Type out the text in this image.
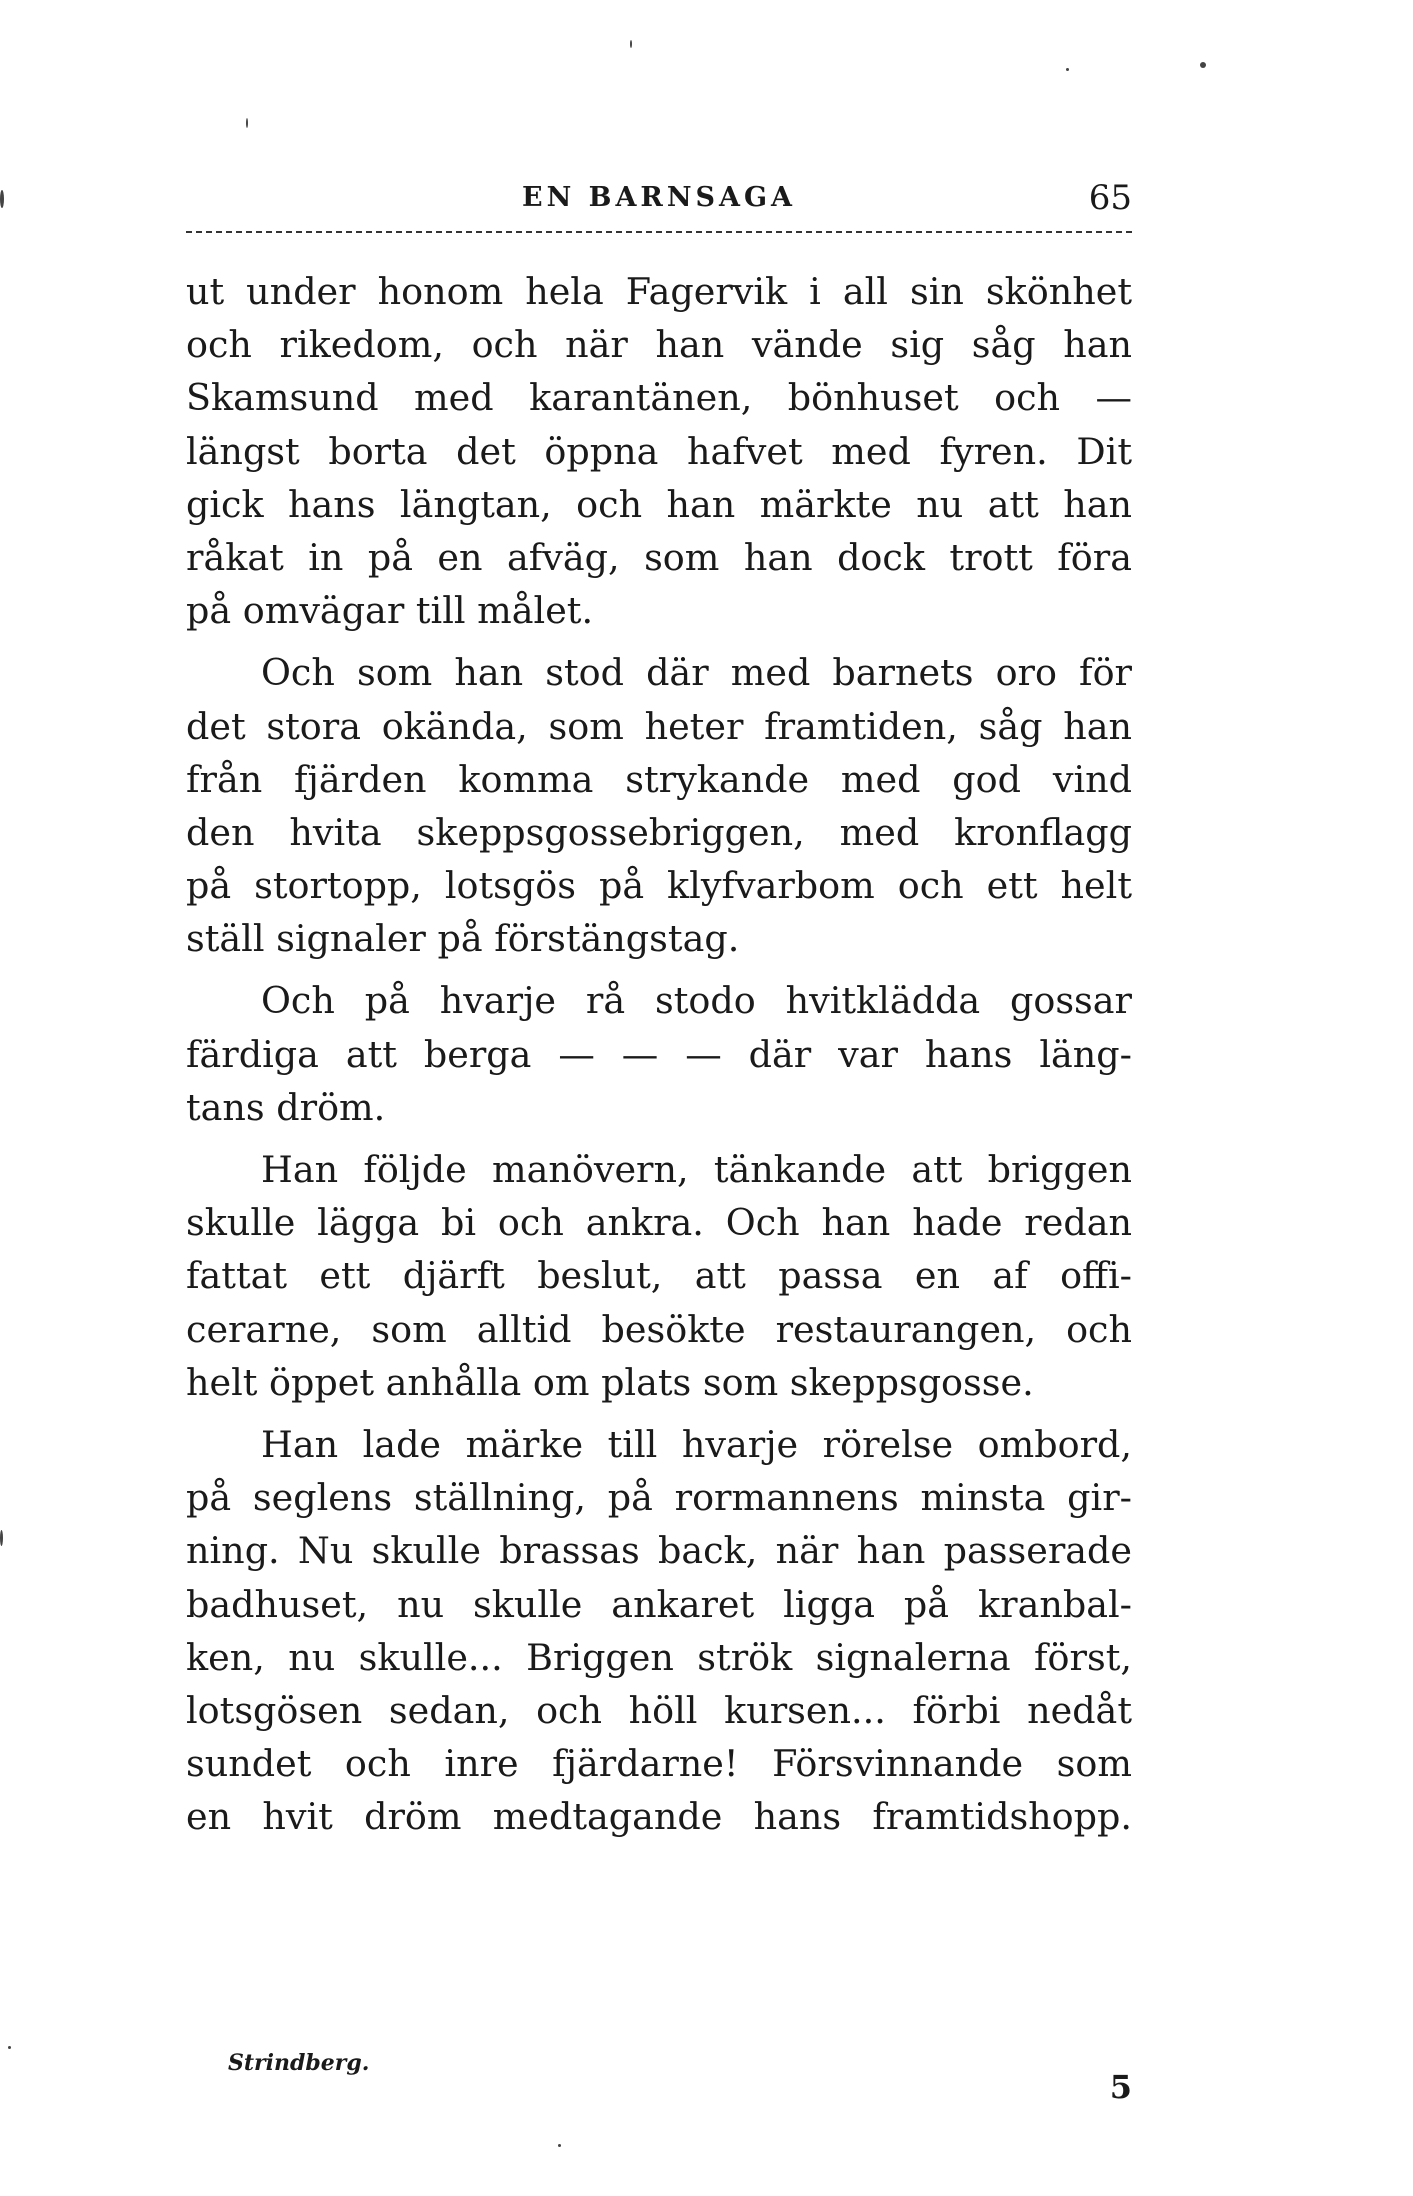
EN BARNSAGA	65
ut under honom hela Fagervik i all sin skönhet
och rikedom, och när han vände sig såg han
Skamsund med karantänen, bönhuset och —
längst borta det öppna hafvet med fyren. Dit
gick hans längtan, och han märkte nu att han
råkat in på en afväg, som han dock trott föra
på omvägar till målet.
Och som han stod där med barnets oro för
det stora okända, som heter framtiden, såg han
från fjärden komma strykande med god vind
den hvita skeppsgossebriggen, med kronflagg
på stortopp, lotsgös på klyfvarbom och ett helt
ställ signaler på förstängstag.
Och på hvarje rå stodo hvitklädda gossar
färdiga att berga — — — där var hans läng-
tans dröm.
Han följde manövern, tänkande att briggen
skulle lägga bi och ankra. Och han hade redan
fattat ett djärft beslut, att passa en af offi-
cerarne, som alltid besökte restaurangen, och
helt öppet anhålla om plats som skeppsgosse.
Han lade märke till hvarje rörelse ombord,
på seglens ställning, på rormannens minsta gir-
ning. Nu skulle brassas back, när han passerade
badhuset, nu skulle ankaret ligga på kranbal-
ken, nu skulle... Briggen strök signalerna först,
lotsgösen sedan, och höll kursen... förbi nedåt
sundet och inre fjärdarne! Försvinnande som
en hvit dröm medtagande hans framtidshopp.
Strindberg.
5
